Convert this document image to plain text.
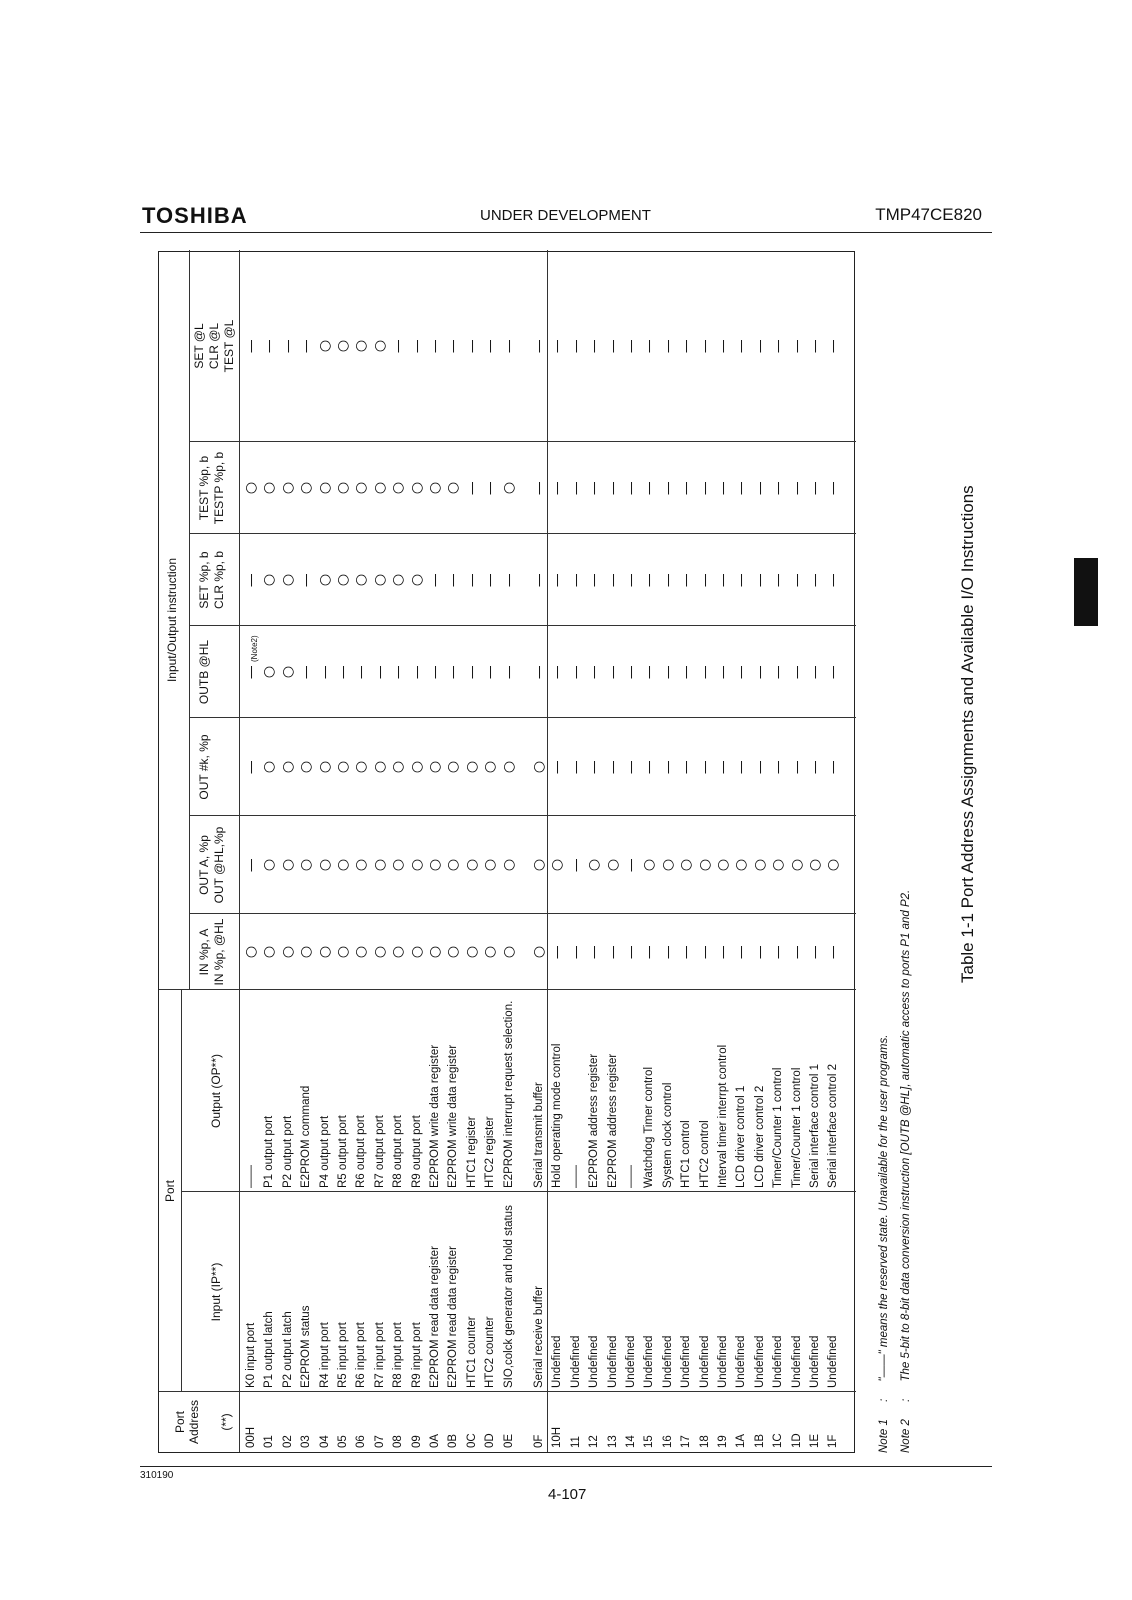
TOSHIBA	UNDER DEVELOPMENT	TMP47CE820
Input/Output instruction
Port
Port Address (**)
Input (IP**)
Output (OP**)
IN %p, A IN %p, @HL
OUT A, %p OUT @HL,%p
OUT #k, %p
OUTB @HL
SET %p, b CLR %p, b
TEST %p, b TESTP %p, b
SET @L CLR @L TEST @L
00H
K0 input port
——
○
|
|
|
|
○
|
01
P1 output latch
P1 output port
○
○
○
○
○
○
|
02
P2 output latch
P2 output port
○
○
○
○
○
○
|
03
E2PROM status
E2PROM command
○
○
○
|
|
○
|
04
R4 input port
P4 output port
○
○
○
|
○
○
○
05
R5 input port
R5 output port
○
○
○
|
○
○
○
06
R6 input port
R6 output port
○
○
○
|
○
○
○
07
R7 input port
R7 output port
○
○
○
|
○
○
○
08
R8 input port
R8 output port
○
○
○
|
○
○
|
09
R9 input port
R9 output port
○
○
○
|
○
○
|
0A
E2PROM read data register
E2PROM write data register
○
○
○
|
|
○
|
0B
E2PROM read data register
E2PROM write data register
○
○
○
|
|
○
|
0C
HTC1 counter
HTC1 register
○
○
○
|
|
|
|
0D
HTC2 counter
HTC2 register
○
○
○
|
|
|
|
0E
SIO,colck generator and hold status
E2PROM interrupt request selection.
○
○
○
|
|
○
|
0F
Serial receive buffer
Serial transmit buffer
○
○
○
|
|
|
|
10H
Undefined
Hold operating mode control
|
○
|
|
|
|
|
11
Undefined
——
|
|
|
|
|
|
|
12
Undefined
E2PROM address register
|
○
|
|
|
|
|
13
Undefined
E2PROM address register
|
○
|
|
|
|
|
14
Undefined
——
|
|
|
|
|
|
|
15
Undefined
Watchdog Timer control
|
○
|
|
|
|
|
16
Undefined
System clock control
|
○
|
|
|
|
|
17
Undefined
HTC1 control
|
○
|
|
|
|
|
18
Undefined
HTC2 control
|
○
|
|
|
|
|
19
Undefined
Interval timer interrpt control
|
○
|
|
|
|
|
1A
Undefined
LCD driver control 1
|
○
|
|
|
|
|
1B
Undefined
LCD driver control 2
|
○
|
|
|
|
|
1C
Undefined
Timer/Counter 1 control
|
○
|
|
|
|
|
1D
Undefined
Timer/Counter 1 control
|
○
|
|
|
|
|
1E
Undefined
Serial interface control 1
|
○
|
|
|
|
|
1F
Undefined
Serial interface control 2
|
○
|
|
|
|
|
(Note2)
Note 1 : "——" means the reserved state. Unavailable for the user programs.
Note 2 : The 5-bit to 8-bit data conversion instruction [OUTB @HL], automatic access to ports P1 and P2.
Table 1-1 Port Address Assignments and Available I/O Instructions
310190
4-107
